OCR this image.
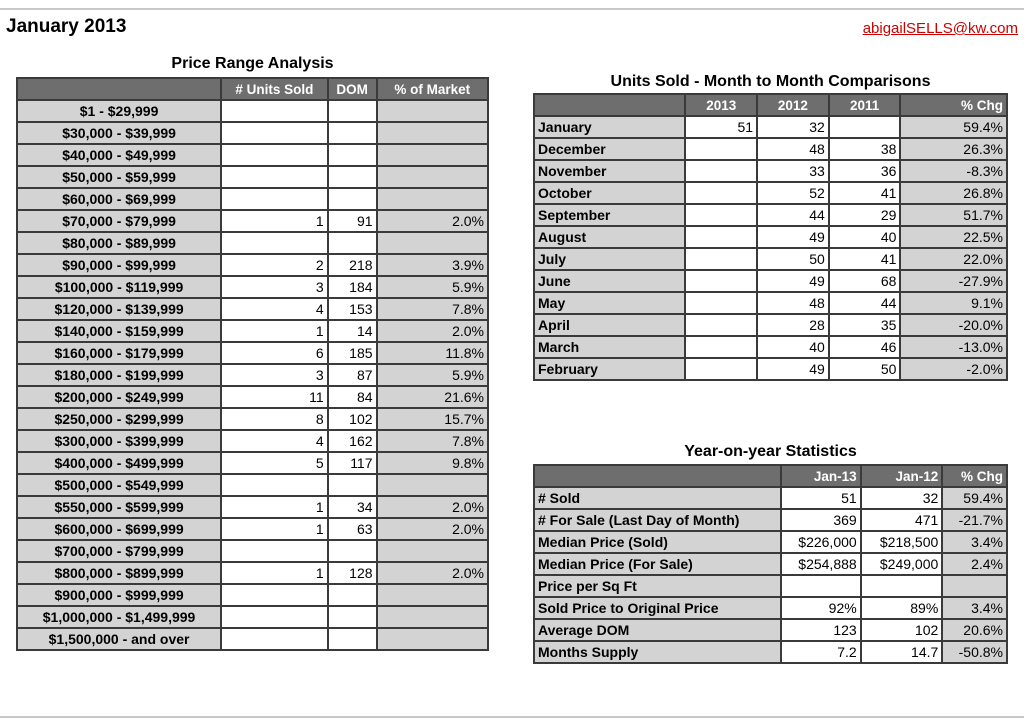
January 2013	abigailSELLS@kw.com
Price Range Analysis
	# Units Sold	DOM	% of Market
$1 - $29,999			
$30,000 - $39,999			
$40,000 - $49,999			
$50,000 - $59,999			
$60,000 - $69,999			
$70,000 - $79,999	1	91	2.0%
$80,000 - $89,999			
$90,000 - $99,999	2	218	3.9%
$100,000 - $119,999	3	184	5.9%
$120,000 - $139,999	4	153	7.8%
$140,000 - $159,999	1	14	2.0%
$160,000 - $179,999	6	185	11.8%
$180,000 - $199,999	3	87	5.9%
$200,000 - $249,999	11	84	21.6%
$250,000 - $299,999	8	102	15.7%
$300,000 - $399,999	4	162	7.8%
$400,000 - $499,999	5	117	9.8%
$500,000 - $549,999			
$550,000 - $599,999	1	34	2.0%
$600,000 - $699,999	1	63	2.0%
$700,000 - $799,999			
$800,000 - $899,999	1	128	2.0%
$900,000 - $999,999			
$1,000,000 - $1,499,999			
$1,500,000 - and over			
Units Sold - Month to Month Comparisons
	2013	2012	2011	% Chg
January	51	32		59.4%
December		48	38	26.3%
November		33	36	-8.3%
October		52	41	26.8%
September		44	29	51.7%
August		49	40	22.5%
July		50	41	22.0%
June		49	68	-27.9%
May		48	44	9.1%
April		28	35	-20.0%
March		40	46	-13.0%
February		49	50	-2.0%
Year-on-year Statistics
	Jan-13	Jan-12	% Chg
# Sold	51	32	59.4%
# For Sale (Last Day of Month)	369	471	-21.7%
Median Price (Sold)	$226,000	$218,500	3.4%
Median Price (For Sale)	$254,888	$249,000	2.4%
Price per Sq Ft			
Sold Price to Original Price	92%	89%	3.4%
Average DOM	123	102	20.6%
Months Supply	7.2	14.7	-50.8%
